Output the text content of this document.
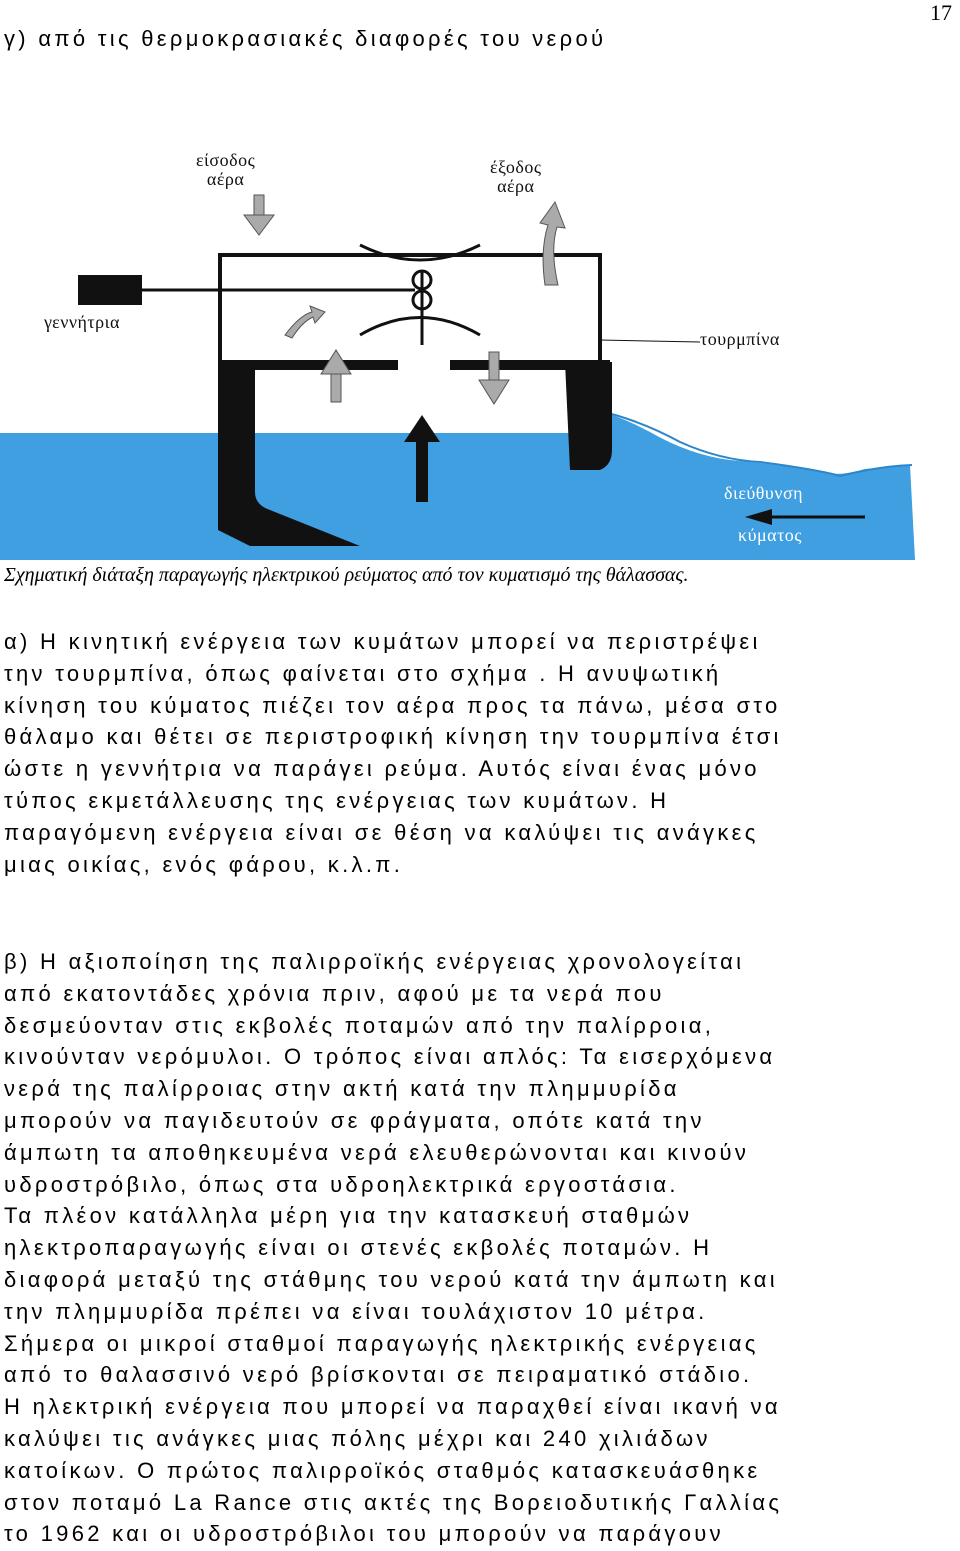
17
γ) από τις θερμοκρασιακές διαφορές του νερού
είσοδος
αέρα
έξοδος
αέρα
γεννήτρια
τουρμπίνα
διεύθυνση
κύματος
Σχηματική διάταξη παραγωγής ηλεκτρικού ρεύματος από τον κυματισμό της θάλασσας.
α) Η κινητική ενέργεια των κυμάτων μπορεί να περιστρέψει
την τουρμπίνα, όπως φαίνεται στο σχήμα . Η ανυψωτική
κίνηση του κύματος πιέζει τον αέρα προς τα πάνω, μέσα στο
θάλαμο και θέτει σε περιστροφική κίνηση την τουρμπίνα έτσι
ώστε η γεννήτρια να παράγει ρεύμα. Αυτός είναι ένας μόνο
τύπος εκμετάλλευσης της ενέργειας των κυμάτων. Η
παραγόμενη ενέργεια είναι σε θέση να καλύψει τις ανάγκες
μιας οικίας, ενός φάρου, κ.λ.π.
β) Η αξιοποίηση της παλιρροϊκής ενέργειας χρονολογείται
από εκατοντάδες χρόνια πριν, αφού με τα νερά που
δεσμεύονταν στις εκβολές ποταμών από την παλίρροια,
κινούνταν νερόμυλοι. Ο τρόπος είναι απλός: Τα εισερχόμενα
νερά της παλίρροιας στην ακτή κατά την πλημμυρίδα
μπορούν να παγιδευτούν σε φράγματα, οπότε κατά την
άμπωτη τα αποθηκευμένα νερά ελευθερώνονται και κινούν
υδροστρόβιλο, όπως στα υδροηλεκτρικά εργοστάσια.
Τα πλέον κατάλληλα μέρη για την κατασκευή σταθμών
ηλεκτροπαραγωγής είναι οι στενές εκβολές ποταμών. Η
διαφορά μεταξύ της στάθμης του νερού κατά την άμπωτη και
την πλημμυρίδα πρέπει να είναι τουλάχιστον 10 μέτρα.
Σήμερα οι μικροί σταθμοί παραγωγής ηλεκτρικής ενέργειας
από το θαλασσινό νερό βρίσκονται σε πειραματικό στάδιο.
Η ηλεκτρική ενέργεια που μπορεί να παραχθεί είναι ικανή να
καλύψει τις ανάγκες μιας πόλης μέχρι και 240 χιλιάδων
κατοίκων. Ο πρώτος παλιρροϊκός σταθμός κατασκευάσθηκε
στον ποταμό La Rance στις ακτές της Βορειοδυτικής Γαλλίας
το 1962 και οι υδροστρόβιλοι του μπορούν να παράγουν
